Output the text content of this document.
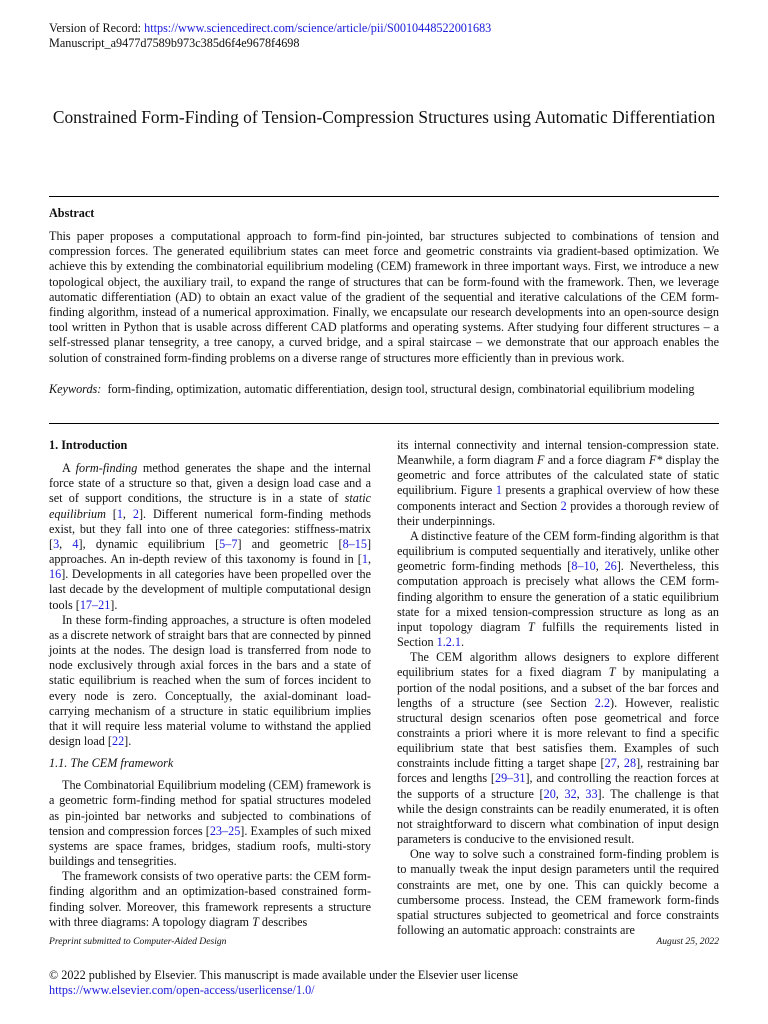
Version of Record: https://www.sciencedirect.com/science/article/pii/S0010448522001683
Manuscript_a9477d7589b973c385d6f4e9678f4698
Constrained Form-Finding of Tension-Compression Structures using Automatic Differentiation
Abstract
This paper proposes a computational approach to form-find pin-jointed, bar structures subjected to combinations of tension and compression forces. The generated equilibrium states can meet force and geometric constraints via gradient-based optimization. We achieve this by extending the combinatorial equilibrium modeling (CEM) framework in three important ways. First, we introduce a new topological object, the auxiliary trail, to expand the range of structures that can be form-found with the framework. Then, we leverage automatic differentiation (AD) to obtain an exact value of the gradient of the sequential and iterative calculations of the CEM form-finding algorithm, instead of a numerical approximation. Finally, we encapsulate our research developments into an open-source design tool written in Python that is usable across different CAD platforms and operating systems. After studying four different structures – a self-stressed planar tensegrity, a tree canopy, a curved bridge, and a spiral staircase – we demonstrate that our approach enables the solution of constrained form-finding problems on a diverse range of structures more efficiently than in previous work.
Keywords: form-finding, optimization, automatic differentiation, design tool, structural design, combinatorial equilibrium modeling
1. Introduction

A form-finding method generates the shape and the internal force state of a structure so that, given a design load case and a set of support conditions, the structure is in a state of static equilibrium [1, 2]. Different numerical form-finding methods exist, but they fall into one of three categories: stiffness-matrix [3, 4], dynamic equilibrium [5–7] and geometric [8–15] approaches. An in-depth review of this taxonomy is found in [1, 16]. Developments in all categories have been propelled over the last decade by the development of multiple computational design tools [17–21].

In these form-finding approaches, a structure is often modeled as a discrete network of straight bars that are connected by pinned joints at the nodes. The design load is transferred from node to node exclusively through axial forces in the bars and a state of static equilibrium is reached when the sum of forces incident to every node is zero. Conceptually, the axial-dominant load-carrying mechanism of a structure in static equilibrium implies that it will require less material volume to withstand the applied design load [22].

1.1. The CEM framework

The Combinatorial Equilibrium modeling (CEM) framework is a geometric form-finding method for spatial structures modeled as pin-jointed bar networks and subjected to combinations of tension and compression forces [23–25]. Examples of such mixed systems are space frames, bridges, stadium roofs, multi-story buildings and tensegrities.

The framework consists of two operative parts: the CEM form-finding algorithm and an optimization-based constrained form-finding solver. Moreover, this framework represents a structure with three diagrams: A topology diagram T describes

its internal connectivity and internal tension-compression state. Meanwhile, a form diagram F and a force diagram F* display the geometric and force attributes of the calculated state of static equilibrium. Figure 1 presents a graphical overview of how these components interact and Section 2 provides a thorough review of their underpinnings.

A distinctive feature of the CEM form-finding algorithm is that equilibrium is computed sequentially and iteratively, unlike other geometric form-finding methods [8–10, 26]. Nevertheless, this computation approach is precisely what allows the CEM form-finding algorithm to ensure the generation of a static equilibrium state for a mixed tension-compression structure as long as an input topology diagram T fulfills the requirements listed in Section 1.2.1.

The CEM algorithm allows designers to explore different equilibrium states for a fixed diagram T by manipulating a portion of the nodal positions, and a subset of the bar forces and lengths of a structure (see Section 2.2). However, realistic structural design scenarios often pose geometrical and force constraints a priori where it is more relevant to find a specific equilibrium state that best satisfies them. Examples of such constraints include fitting a target shape [27, 28], restraining bar forces and lengths [29–31], and controlling the reaction forces at the supports of a structure [20, 32, 33]. The challenge is that while the design constraints can be readily enumerated, it is often not straightforward to discern what combination of input design parameters is conducive to the envisioned result.

One way to solve such a constrained form-finding problem is to manually tweak the input design parameters until the required constraints are met, one by one. This can quickly become a cumbersome process. Instead, the CEM framework form-finds spatial structures subjected to geometrical and force constraints following an automatic approach: constraints are

Preprint submitted to Computer-Aided Design	August 25, 2022
© 2022 published by Elsevier. This manuscript is made available under the Elsevier user license
https://www.elsevier.com/open-access/userlicense/1.0/
